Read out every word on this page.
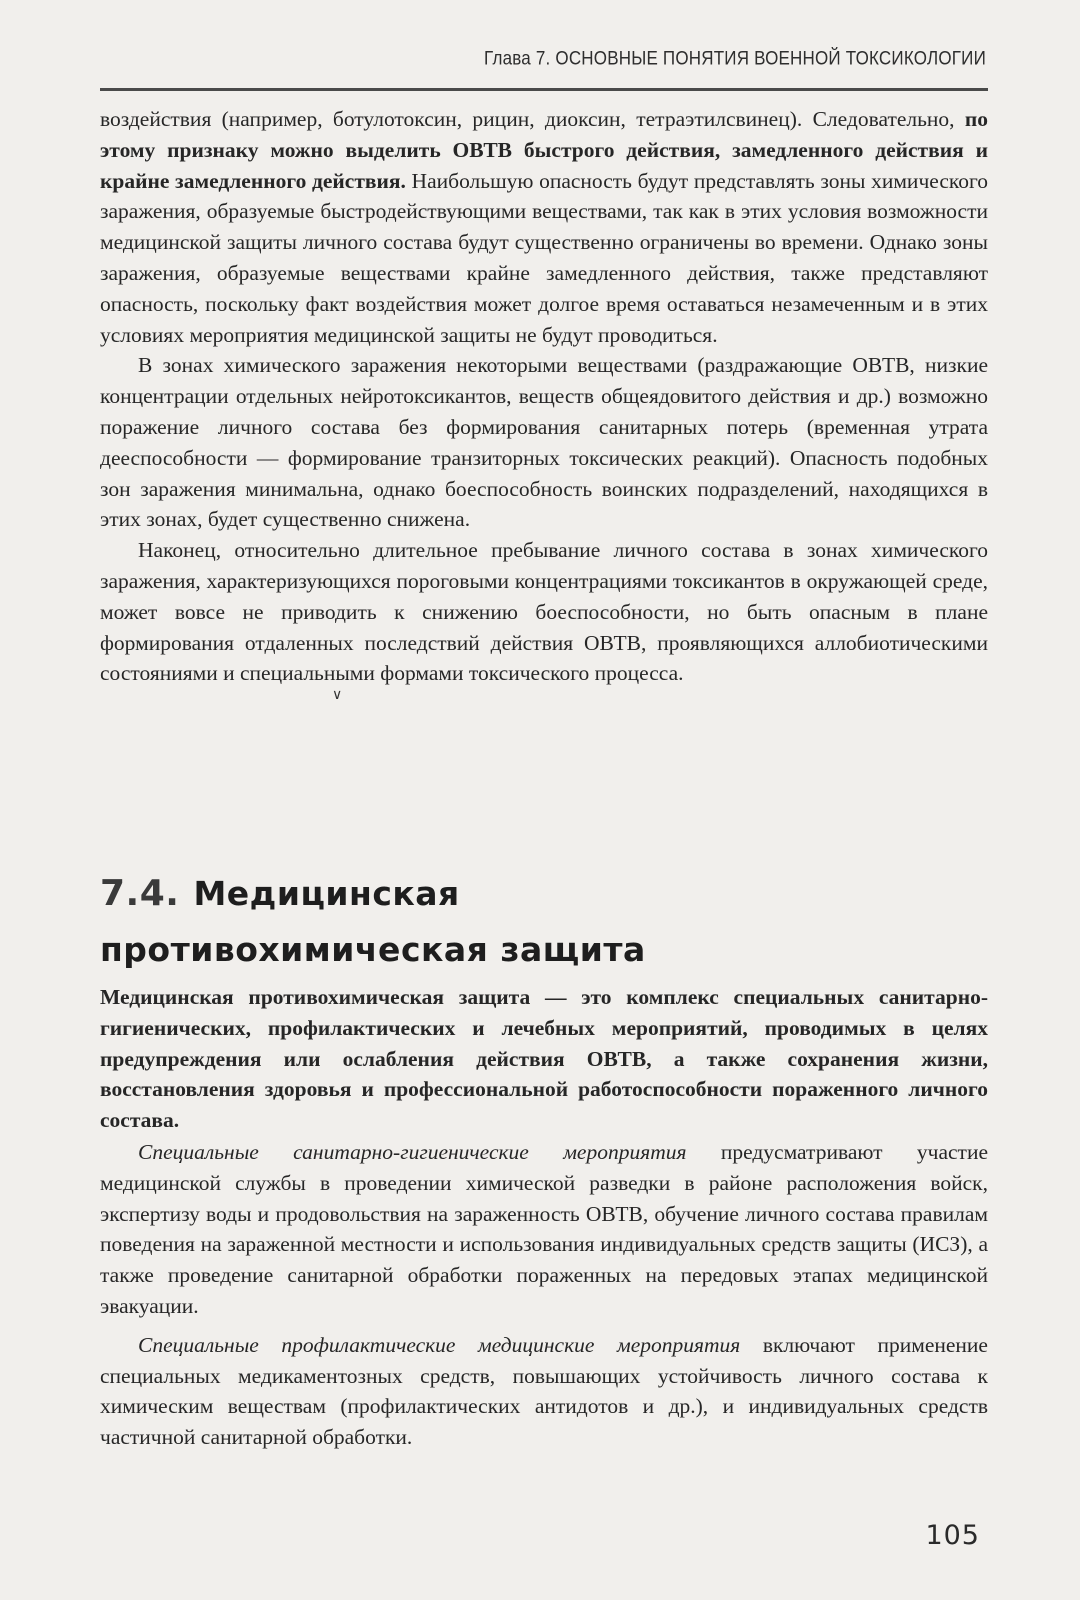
Глава 7. ОСНОВНЫЕ ПОНЯТИЯ ВОЕННОЙ ТОКСИКОЛОГИИ

воздействия (например, ботулотоксин, рицин, диоксин, тетраэтилсвинец). Следовательно, по этому признаку можно выделить ОВТВ быстрого действия, замедленного действия и крайне замедленного действия. Наибольшую опасность будут представлять зоны химического заражения, образуемые быстродействующими веществами, так как в этих условия возможности медицинской защиты личного состава будут существенно ограничены во времени. Однако зоны заражения, образуемые веществами крайне замедленного действия, также представляют опасность, поскольку факт воздействия может долгое время оставаться незамеченным и в этих условиях мероприятия медицинской защиты не будут проводиться.

В зонах химического заражения некоторыми веществами (раздражающие ОВТВ, низкие концентрации отдельных нейротоксикантов, веществ общеядовитого действия и др.) возможно поражение личного состава без формирования санитарных потерь (временная утрата дееспособности — формирование транзиторных токсических реакций). Опасность подобных зон заражения минимальна, однако боеспособность воинских подразделений, находящихся в этих зонах, будет существенно снижена.

Наконец, относительно длительное пребывание личного состава в зонах химического заражения, характеризующихся пороговыми концентрациями токсикантов в окружающей среде, может вовсе не приводить к снижению боеспособности, но быть опасным в плане формирования отдаленных последствий действия ОВТВ, проявляющихся аллобиотическими состояниями и специальными формами токсического процесса.

∨
7.4. Медицинская
противохимическая защита
Медицинская противохимическая защита — это комплекс специальных санитарно-гигиенических, профилактических и лечебных мероприятий, проводимых в целях предупреждения или ослабления действия ОВТВ, а также сохранения жизни, восстановления здоровья и профессиональной работоспособности пораженного личного состава.

Специальные санитарно-гигиенические мероприятия предусматривают участие медицинской службы в проведении химической разведки в районе расположения войск, экспертизу воды и продовольствия на зараженность ОВТВ, обучение личного состава правилам поведения на зараженной местности и использования индивидуальных средств защиты (ИСЗ), а также проведение санитарной обработки пораженных на передовых этапах медицинской эвакуации.

Специальные профилактические медицинские мероприятия включают применение специальных медикаментозных средств, повышающих устойчивость личного состава к химическим веществам (профилактических антидотов и др.), и индивидуальных средств частичной санитарной обработки.

105
